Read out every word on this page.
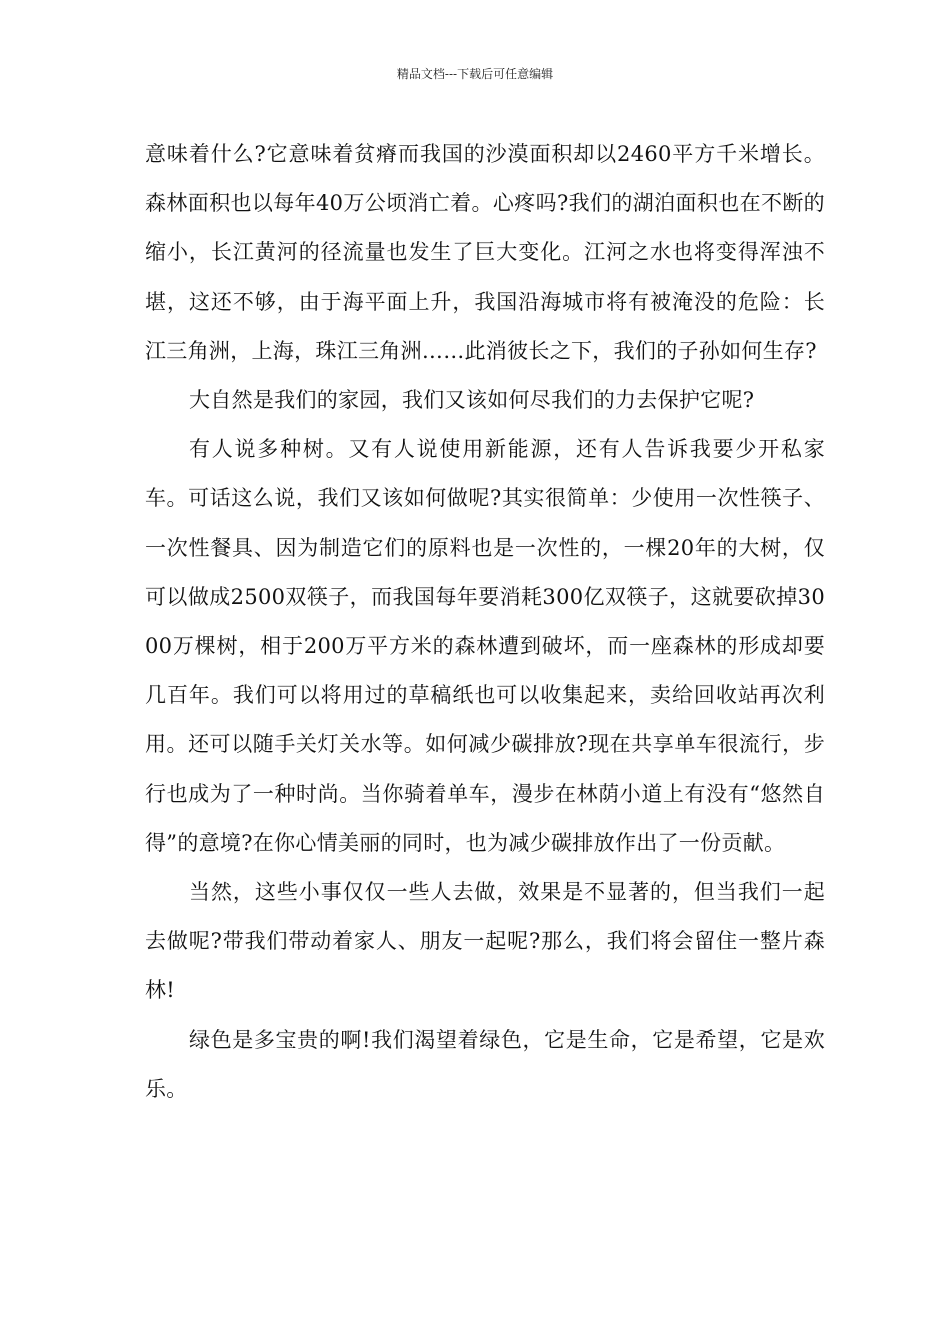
精品文档---下载后可任意编辑

意味着什么?它意味着贫瘠而我国的沙漠面积却以2460平方千米增长。森林面积也以每年40万公顷消亡着。心疼吗?我们的湖泊面积也在不断的缩小，长江黄河的径流量也发生了巨大变化。江河之水也将变得浑浊不堪，这还不够，由于海平面上升，我国沿海城市将有被淹没的危险：长江三角洲，上海，珠江三角洲……此消彼长之下，我们的子孙如何生存?

大自然是我们的家园，我们又该如何尽我们的力去保护它呢?

有人说多种树。又有人说使用新能源，还有人告诉我要少开私家车。可话这么说，我们又该如何做呢?其实很简单：少使用一次性筷子、一次性餐具、因为制造它们的原料也是一次性的，一棵20年的大树，仅可以做成2500双筷子，而我国每年要消耗300亿双筷子，这就要砍掉3000万棵树，相于200万平方米的森林遭到破坏，而一座森林的形成却要几百年。我们可以将用过的草稿纸也可以收集起来，卖给回收站再次利用。还可以随手关灯关水等。如何减少碳排放?现在共享单车很流行，步行也成为了一种时尚。当你骑着单车，漫步在林荫小道上有没有“悠然自得”的意境?在你心情美丽的同时，也为减少碳排放作出了一份贡献。

当然，这些小事仅仅一些人去做，效果是不显著的，但当我们一起去做呢?带我们带动着家人、朋友一起呢?那么，我们将会留住一整片森林!

绿色是多宝贵的啊!我们渴望着绿色，它是生命，它是希望，它是欢乐。
